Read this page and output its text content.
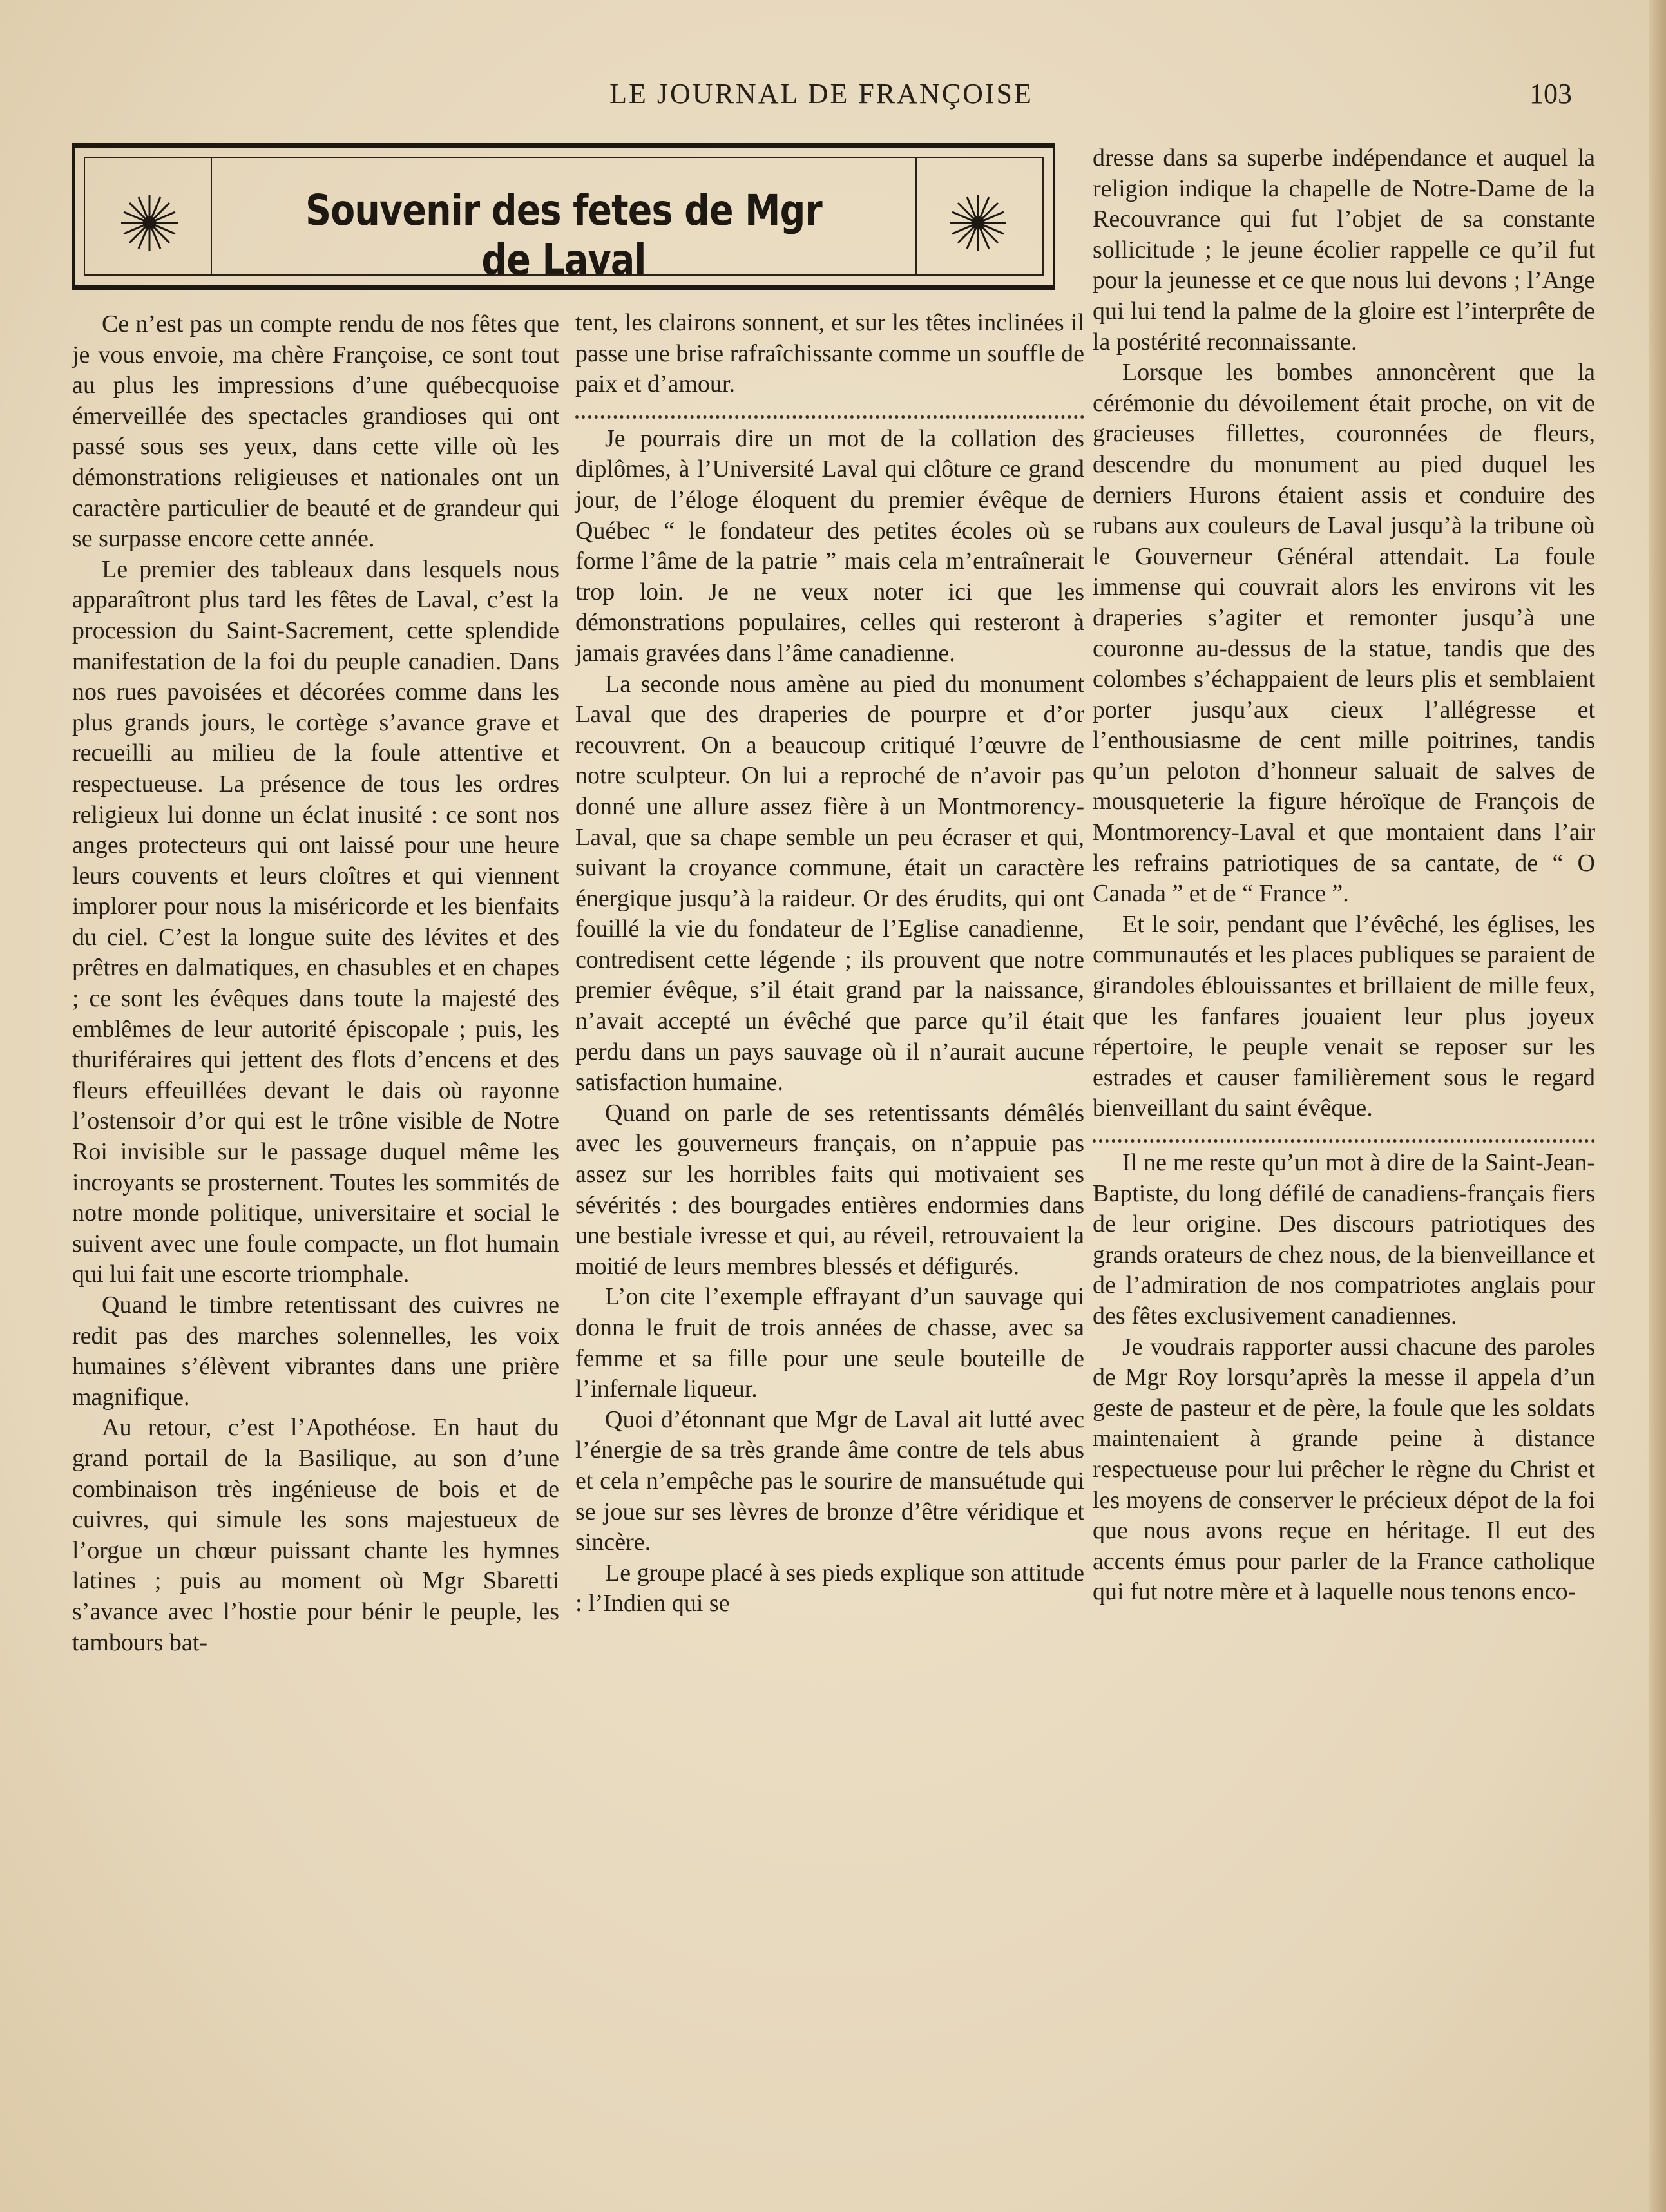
LE JOURNAL DE FRANÇOISE	103
Souvenir des fetes de Mgr de Laval

Ce n’est pas un compte rendu de nos fêtes que je vous envoie, ma chère Françoise, ce sont tout au plus les impressions d’une québecquoise émerveillée des spectacles grandioses qui ont passé sous ses yeux, dans cette ville où les démonstrations religieuses et nationales ont un caractère particulier de beauté et de grandeur qui se surpasse encore cette année.

Le premier des tableaux dans lesquels nous apparaîtront plus tard les fêtes de Laval, c’est la procession du Saint-Sacrement, cette splendide manifestation de la foi du peuple canadien. Dans nos rues pavoisées et décorées comme dans les plus grands jours, le cortège s’avance grave et recueilli au milieu de la foule attentive et respectueuse. La présence de tous les ordres religieux lui donne un éclat inusité : ce sont nos anges protecteurs qui ont laissé pour une heure leurs couvents et leurs cloîtres et qui viennent implorer pour nous la miséricorde et les bienfaits du ciel. C’est la longue suite des lévites et des prêtres en dalmatiques, en chasubles et en chapes ; ce sont les évêques dans toute la majesté des emblêmes de leur autorité épiscopale ; puis, les thuriféraires qui jettent des flots d’encens et des fleurs effeuillées devant le dais où rayonne l’ostensoir d’or qui est le trône visible de Notre Roi invisible sur le passage duquel même les incroyants se prosternent. Toutes les sommités de notre monde politique, universitaire et social le suivent avec une foule compacte, un flot humain qui lui fait une escorte triomphale.

Quand le timbre retentissant des cuivres ne redit pas des marches solennelles, les voix humaines s’élèvent vibrantes dans une prière magnifique.

Au retour, c’est l’Apothéose. En haut du grand portail de la Basilique, au son d’une combinaison très ingénieuse de bois et de cuivres, qui simule les sons majestueux de l’orgue un chœur puissant chante les hymnes latines ; puis au moment où Mgr Sbaretti s’avance avec l’hostie pour bénir le peuple, les tambours bat-

tent, les clairons sonnent, et sur les têtes inclinées il passe une brise rafraîchissante comme un souffle de paix et d’amour.

Je pourrais dire un mot de la collation des diplômes, à l’Université Laval qui clôture ce grand jour, de l’éloge éloquent du premier évêque de Québec “ le fondateur des petites écoles où se forme l’âme de la patrie ” mais cela m’entraînerait trop loin. Je ne veux noter ici que les démonstrations populaires, celles qui resteront à jamais gravées dans l’âme canadienne.

La seconde nous amène au pied du monument Laval que des draperies de pourpre et d’or recouvrent. On a beaucoup critiqué l’œuvre de notre sculpteur. On lui a reproché de n’avoir pas donné une allure assez fière à un Montmorency-Laval, que sa chape semble un peu écraser et qui, suivant la croyance commune, était un caractère énergique jusqu’à la raideur. Or des érudits, qui ont fouillé la vie du fondateur de l’Eglise canadienne, contredisent cette légende ; ils prouvent que notre premier évêque, s’il était grand par la naissance, n’avait accepté un évêché que parce qu’il était perdu dans un pays sauvage où il n’aurait aucune satisfaction humaine.

Quand on parle de ses retentissants démêlés avec les gouverneurs français, on n’appuie pas assez sur les horribles faits qui motivaient ses sévérités : des bourgades entières endormies dans une bestiale ivresse et qui, au réveil, retrouvaient la moitié de leurs membres blessés et défigurés.

L’on cite l’exemple effrayant d’un sauvage qui donna le fruit de trois années de chasse, avec sa femme et sa fille pour une seule bouteille de l’infernale liqueur.

Quoi d’étonnant que Mgr de Laval ait lutté avec l’énergie de sa très grande âme contre de tels abus et cela n’empêche pas le sourire de mansuétude qui se joue sur ses lèvres de bronze d’être véridique et sincère.

Le groupe placé à ses pieds explique son attitude : l’Indien qui se

dresse dans sa superbe indépendance et auquel la religion indique la chapelle de Notre-Dame de la Recouvrance qui fut l’objet de sa constante sollicitude ; le jeune écolier rappelle ce qu’il fut pour la jeunesse et ce que nous lui devons ; l’Ange qui lui tend la palme de la gloire est l’interprête de la postérité reconnaissante.

Lorsque les bombes annoncèrent que la cérémonie du dévoilement était proche, on vit de gracieuses fillettes, couronnées de fleurs, descendre du monument au pied duquel les derniers Hurons étaient assis et conduire des rubans aux couleurs de Laval jusqu’à la tribune où le Gouverneur Général attendait. La foule immense qui couvrait alors les environs vit les draperies s’agiter et remonter jusqu’à une couronne au-dessus de la statue, tandis que des colombes s’échappaient de leurs plis et semblaient porter jusqu’aux cieux l’allégresse et l’enthousiasme de cent mille poitrines, tandis qu’un peloton d’honneur saluait de salves de mousqueterie la figure héroïque de François de Montmorency-Laval et que montaient dans l’air les refrains patriotiques de sa cantate, de “ O Canada ” et de “ France ”.

Et le soir, pendant que l’évêché, les églises, les communautés et les places publiques se paraient de girandoles éblouissantes et brillaient de mille feux, que les fanfares jouaient leur plus joyeux répertoire, le peuple venait se reposer sur les estrades et causer familièrement sous le regard bienveillant du saint évêque.

Il ne me reste qu’un mot à dire de la Saint-Jean-Baptiste, du long défilé de canadiens-français fiers de leur origine. Des discours patriotiques des grands orateurs de chez nous, de la bienveillance et de l’admiration de nos compatriotes anglais pour des fêtes exclusivement canadiennes.

Je voudrais rapporter aussi chacune des paroles de Mgr Roy lorsqu’après la messe il appela d’un geste de pasteur et de père, la foule que les soldats maintenaient à grande peine à distance respectueuse pour lui prêcher le règne du Christ et les moyens de conserver le précieux dépot de la foi que nous avons reçue en héritage. Il eut des accents émus pour parler de la France catholique qui fut notre mère et à laquelle nous tenons enco-
